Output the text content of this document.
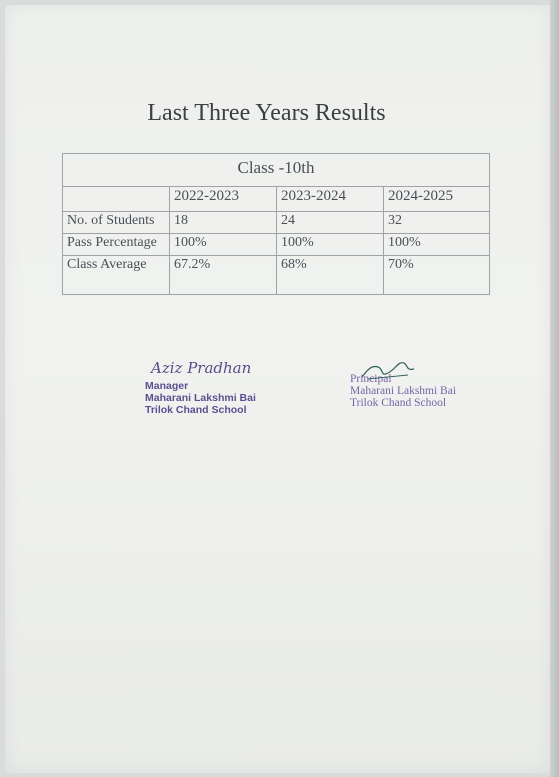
Last Three Years Results
Class -10th			
	2022-2023	2023-2024	2024-2025
No. of Students	18	24	32
Pass Percentage	100%	100%	100%
Class Average	67.2%	68%	70%
Aziz Pradhan
Manager
Maharani Lakshmi Bai
Trilok Chand School
Principal
Maharani Lakshmi Bai
Trilok Chand School
